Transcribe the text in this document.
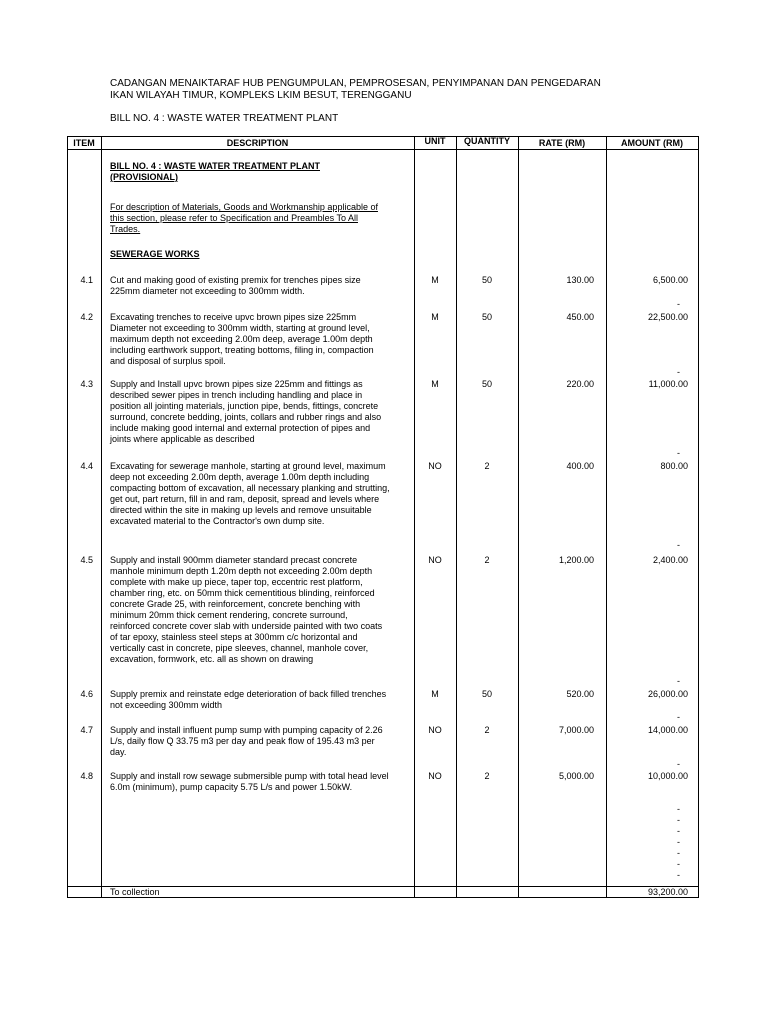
CADANGAN MENAIKTARAF HUB PENGUMPULAN, PEMPROSESAN, PENYIMPANAN DAN PENGEDARAN
IKAN WILAYAH TIMUR, KOMPLEKS LKIM BESUT, TERENGGANU
BILL NO. 4 : WASTE WATER TREATMENT PLANT
ITEM	DESCRIPTION	UNIT	QUANTITY	RATE (RM)	AMOUNT (RM)
BILL NO. 4 : WASTE WATER TREATMENT PLANT
(PROVISIONAL)
For description of Materials, Goods and Workmanship applicable of
this section, please refer to Specification and Preambles To All
Trades.
SEWERAGE WORKS
4.1 Cut and making good of existing premix for trenches pipes size
225mm diameter not exceeding to 300mm width.
M	50	130.00	6,500.00
-
4.2 Excavating trenches to receive upvc brown pipes size 225mm
Diameter not exceeding to 300mm width, starting at ground level,
maximum depth not exceeding 2.00m deep, average 1.00m depth
including earthwork support, treating bottoms, filing in, compaction
and disposal of surplus spoil.
M	50	450.00	22,500.00
-
4.3 Supply and Install upvc brown pipes size 225mm and fittings as
described sewer pipes in trench including handling and place in
position all jointing materials, junction pipe, bends, fittings, concrete
surround, concrete bedding, joints, collars and rubber rings and also
include making good internal and external protection of pipes and
joints where applicable as described
M	50	220.00	11,000.00
-
4.4 Excavating for sewerage manhole, starting at ground level, maximum
deep not exceeding 2.00m depth, average 1.00m depth including
compacting bottom of excavation, all necessary planking and strutting,
get out, part return, fill in and ram, deposit, spread and levels where
directed within the site in making up levels and remove unsuitable
excavated material to the Contractor's own dump site.
NO	2	400.00	800.00
-
4.5 Supply and install 900mm diameter standard precast concrete
manhole minimum depth 1.20m depth not exceeding 2.00m depth
complete with make up piece, taper top, eccentric rest platform,
chamber ring, etc. on 50mm thick cementitious blinding, reinforced
concrete Grade 25, with reinforcement, concrete benching with
minimum 20mm thick cement rendering, concrete surround,
reinforced concrete cover slab with underside painted with two coats
of tar epoxy, stainless steel steps at 300mm c/c horizontal and
vertically cast in concrete, pipe sleeves, channel, manhole cover,
excavation, formwork, etc. all as shown on drawing
NO	2	1,200.00	2,400.00
-
4.6 Supply premix and reinstate edge deterioration of back filled trenches
not exceeding 300mm width
M	50	520.00	26,000.00
-
4.7 Supply and install influent pump sump with pumping capacity of 2.26
L/s, daily flow Q 33.75 m3 per day and peak flow of 195.43 m3 per
day.
NO	2	7,000.00	14,000.00
-
4.8 Supply and install row sewage submersible pump with total head level
6.0m (minimum), pump capacity 5.75 L/s and power 1.50kW.
NO	2	5,000.00	10,000.00
-
-
-
-
-
-
-
To collection	93,200.00
